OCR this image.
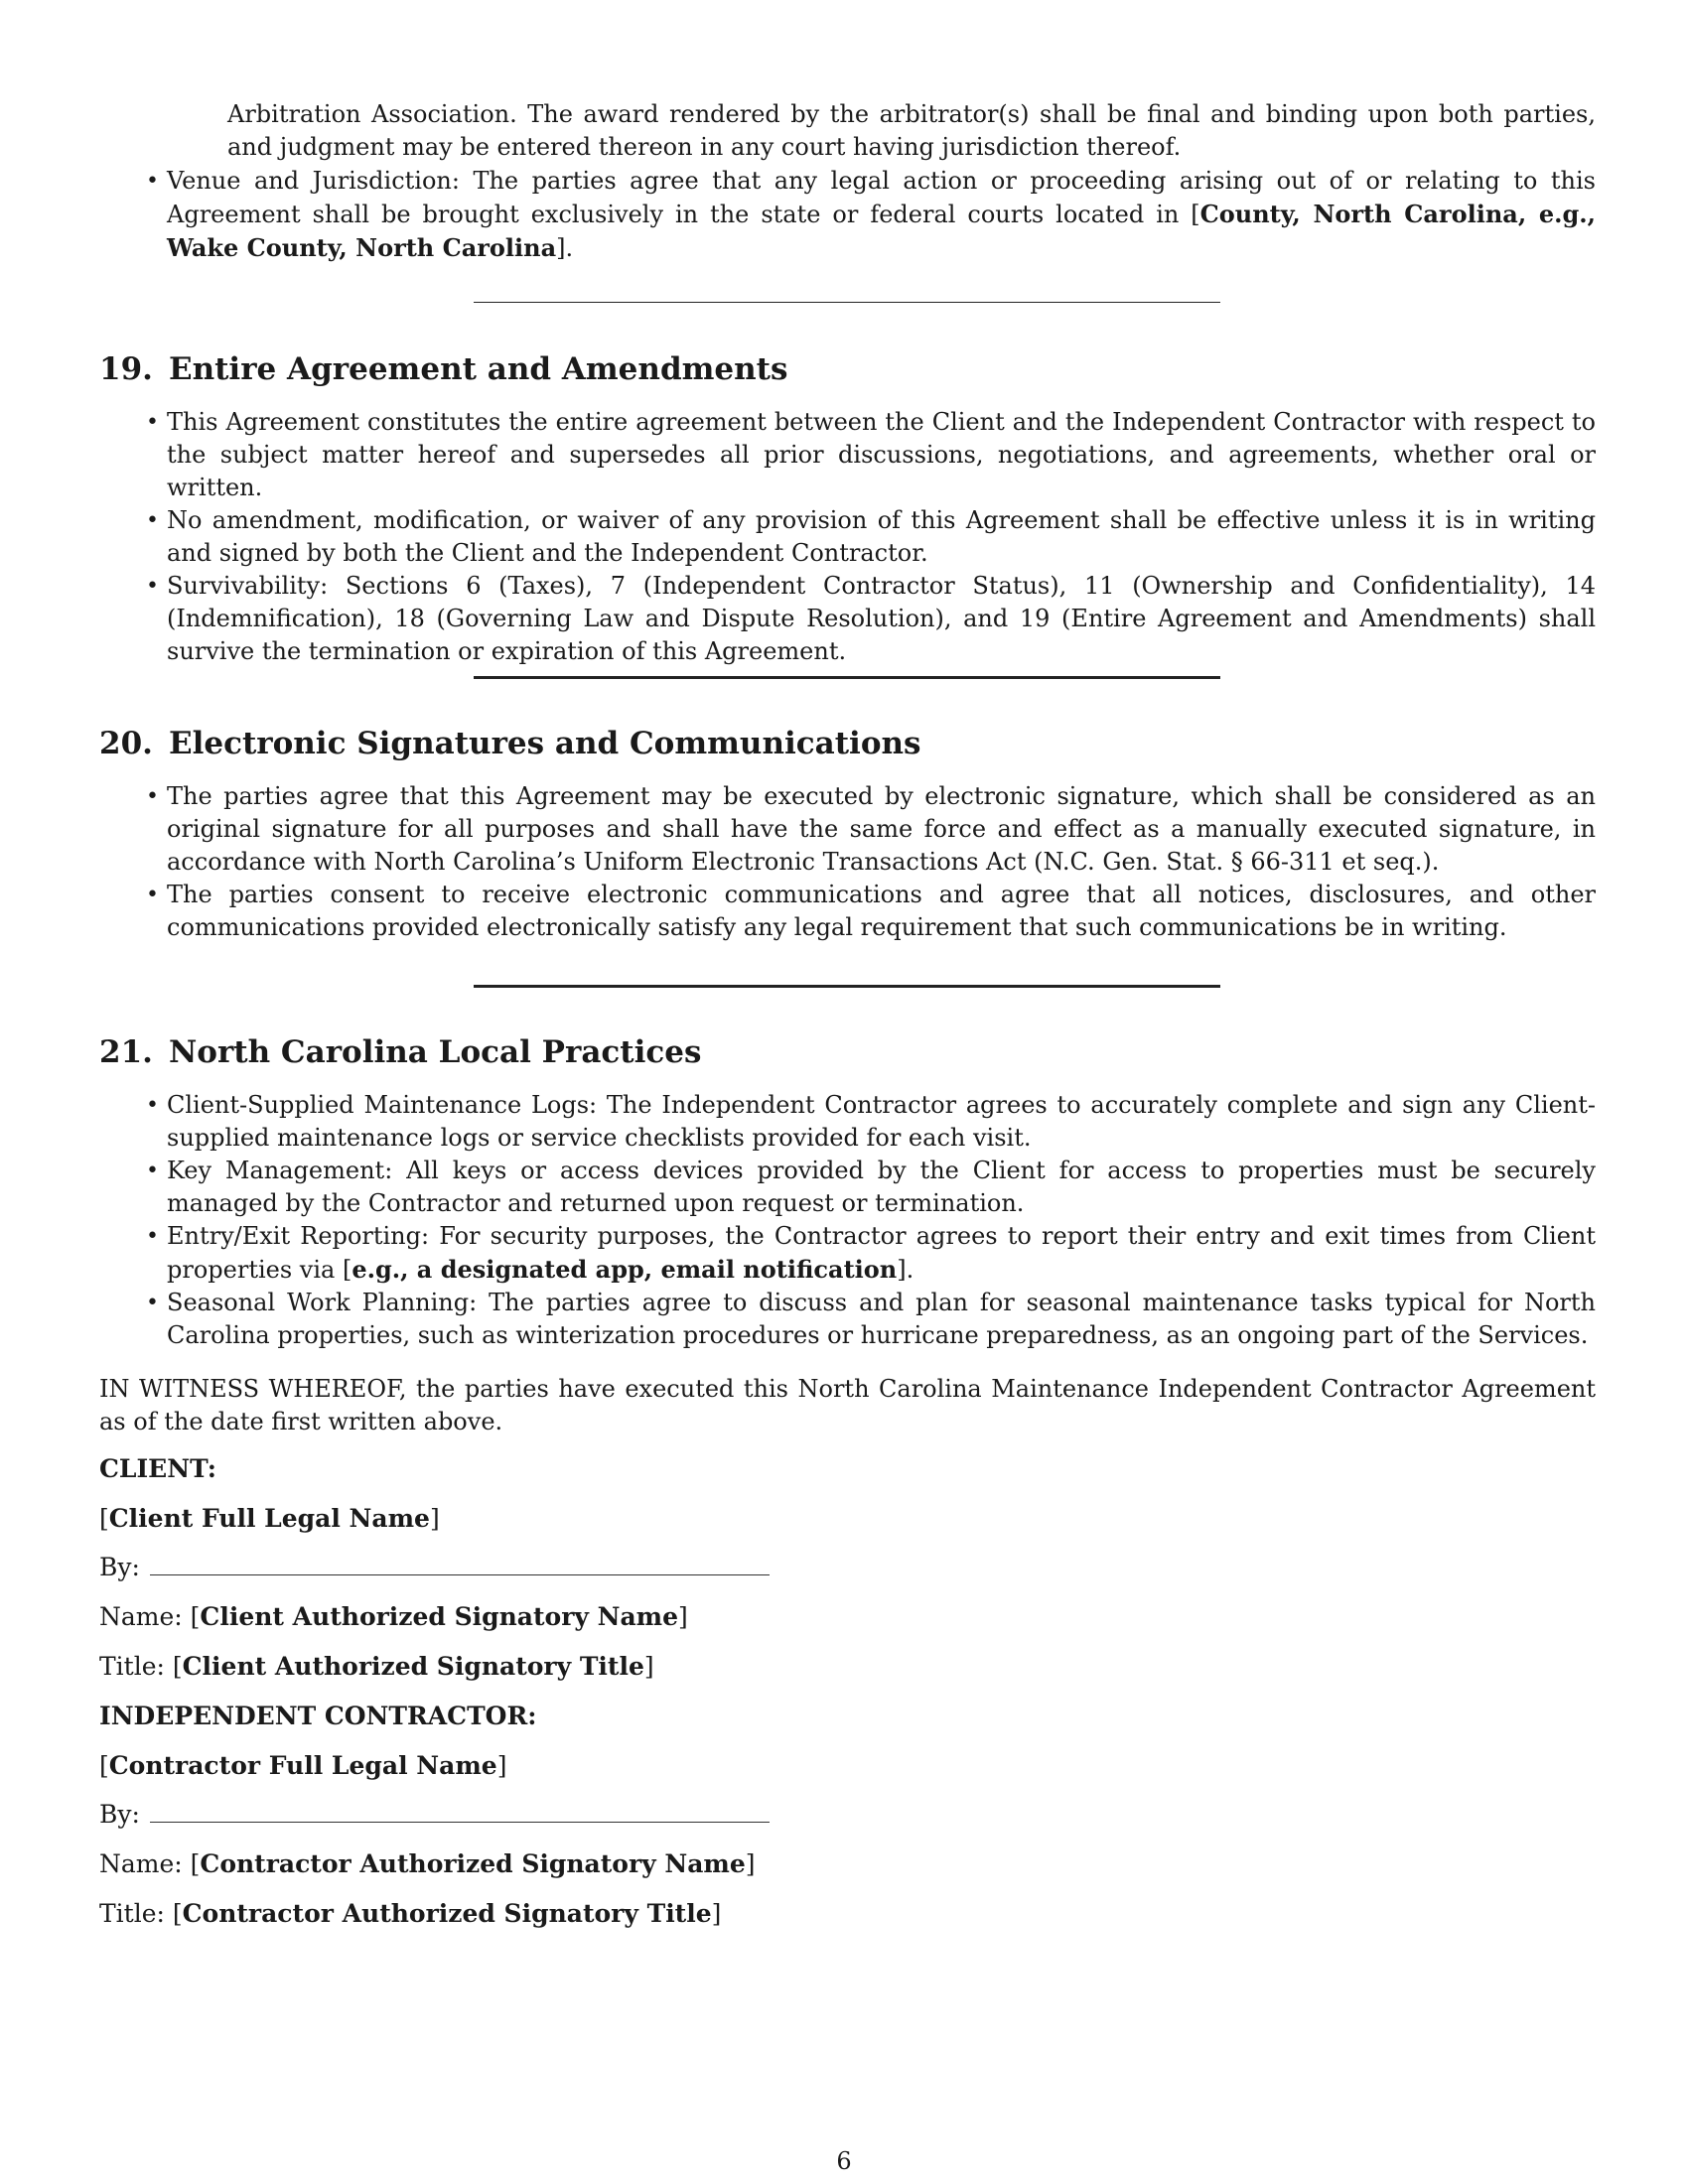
Arbitration Association. The award rendered by the arbitrator(s) shall be final and binding upon both parties,
and judgment may be entered thereon in any court having jurisdiction thereof.
• Venue and Jurisdiction: The parties agree that any legal action or proceeding arising out of or relating to this Agreement shall be brought exclusively in the state or federal courts located in [County, North Carolina, e.g., Wake County, North Carolina].
19. Entire Agreement and Amendments
• This Agreement constitutes the entire agreement between the Client and the Independent Contractor with respect to the subject matter hereof and supersedes all prior discussions, negotiations, and agreements, whether oral or written.
• No amendment, modification, or waiver of any provision of this Agreement shall be effective unless it is in writing and signed by both the Client and the Independent Contractor.
• Survivability: Sections 6 (Taxes), 7 (Independent Contractor Status), 11 (Ownership and Confidentiality), 14 (Indemnification), 18 (Governing Law and Dispute Resolution), and 19 (Entire Agreement and Amendments) shall survive the termination or expiration of this Agreement.
20. Electronic Signatures and Communications
• The parties agree that this Agreement may be executed by electronic signature, which shall be considered as an original signature for all purposes and shall have the same force and effect as a manually executed signature, in accordance with North Carolina’s Uniform Electronic Transactions Act (N.C. Gen. Stat. § 66-311 et seq.).
• The parties consent to receive electronic communications and agree that all notices, disclosures, and other communications provided electronically satisfy any legal requirement that such communications be in writing.
21. North Carolina Local Practices
• Client-Supplied Maintenance Logs: The Independent Contractor agrees to accurately complete and sign any Client-supplied maintenance logs or service checklists provided for each visit.
• Key Management: All keys or access devices provided by the Client for access to properties must be securely managed by the Contractor and returned upon request or termination.
• Entry/Exit Reporting: For security purposes, the Contractor agrees to report their entry and exit times from Client properties via [e.g., a designated app, email notification].
• Seasonal Work Planning: The parties agree to discuss and plan for seasonal maintenance tasks typical for North Carolina properties, such as winterization procedures or hurricane preparedness, as an ongoing part of the Services.
IN WITNESS WHEREOF, the parties have executed this North Carolina Maintenance Independent Contractor Agreement as of the date first written above.
CLIENT:
[Client Full Legal Name]
By:
Name: [Client Authorized Signatory Name]
Title: [Client Authorized Signatory Title]
INDEPENDENT CONTRACTOR:
[Contractor Full Legal Name]
By:
Name: [Contractor Authorized Signatory Name]
Title: [Contractor Authorized Signatory Title]
6
